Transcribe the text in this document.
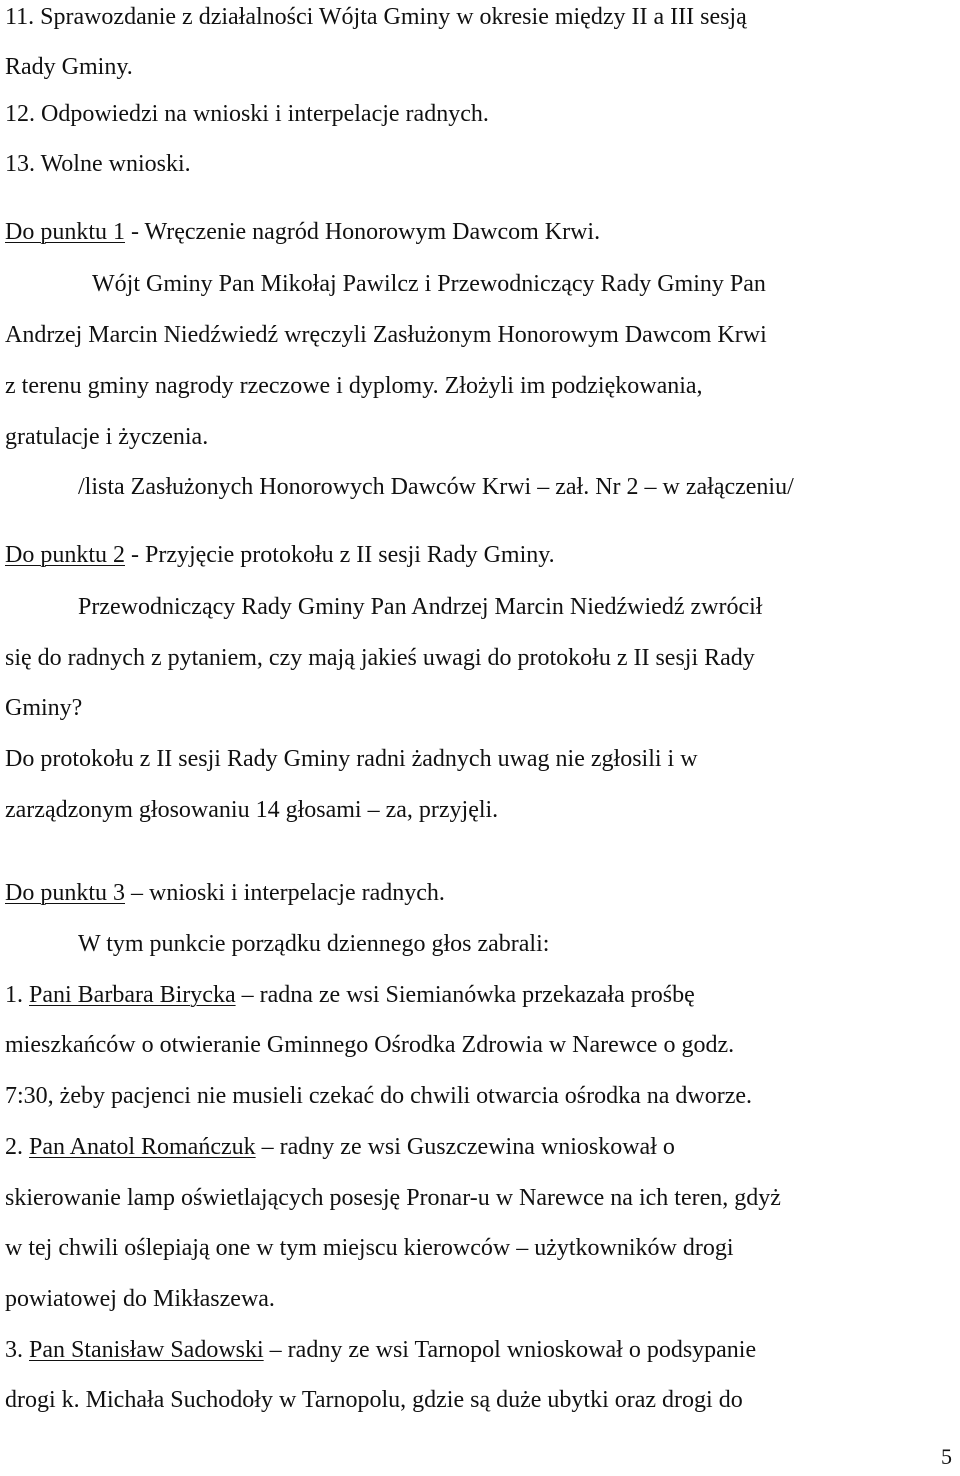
11. Sprawozdanie z działalności Wójta Gminy w okresie między II a III sesją
Rady Gminy.
12. Odpowiedzi na wnioski i interpelacje radnych.
13. Wolne wnioski.
Do punktu 1 - Wręczenie nagród Honorowym Dawcom Krwi.
Wójt Gminy Pan Mikołaj Pawilcz i Przewodniczący Rady Gminy Pan
Andrzej Marcin Niedźwiedź wręczyli Zasłużonym Honorowym Dawcom Krwi
z terenu gminy nagrody rzeczowe i dyplomy. Złożyli im podziękowania,
gratulacje i życzenia.
/lista Zasłużonych Honorowych Dawców Krwi – zał. Nr 2 – w załączeniu/
Do punktu 2 - Przyjęcie protokołu z II sesji Rady Gminy.
Przewodniczący Rady Gminy Pan Andrzej Marcin Niedźwiedź zwrócił
się do radnych z pytaniem, czy mają jakieś uwagi do protokołu z II sesji Rady
Gminy?
Do protokołu z II sesji Rady Gminy radni żadnych uwag nie zgłosili i w
zarządzonym głosowaniu 14 głosami – za, przyjęli.
Do punktu 3 – wnioski i interpelacje radnych.
W tym punkcie porządku dziennego głos zabrali:
1. Pani Barbara Birycka – radna ze wsi Siemianówka przekazała prośbę
mieszkańców o otwieranie Gminnego Ośrodka Zdrowia w Narewce o godz.
7:30, żeby pacjenci nie musieli czekać do chwili otwarcia ośrodka na dworze.
2. Pan Anatol Romańczuk – radny ze wsi Guszczewina wnioskował o
skierowanie lamp oświetlających posesję Pronar-u w Narewce na ich teren, gdyż
w tej chwili oślepiają one w tym miejscu kierowców – użytkowników drogi
powiatowej do Mikłaszewa.
3. Pan Stanisław Sadowski – radny ze wsi Tarnopol wnioskował o podsypanie
drogi k. Michała Suchodoły w Tarnopolu, gdzie są duże ubytki oraz drogi do
5
